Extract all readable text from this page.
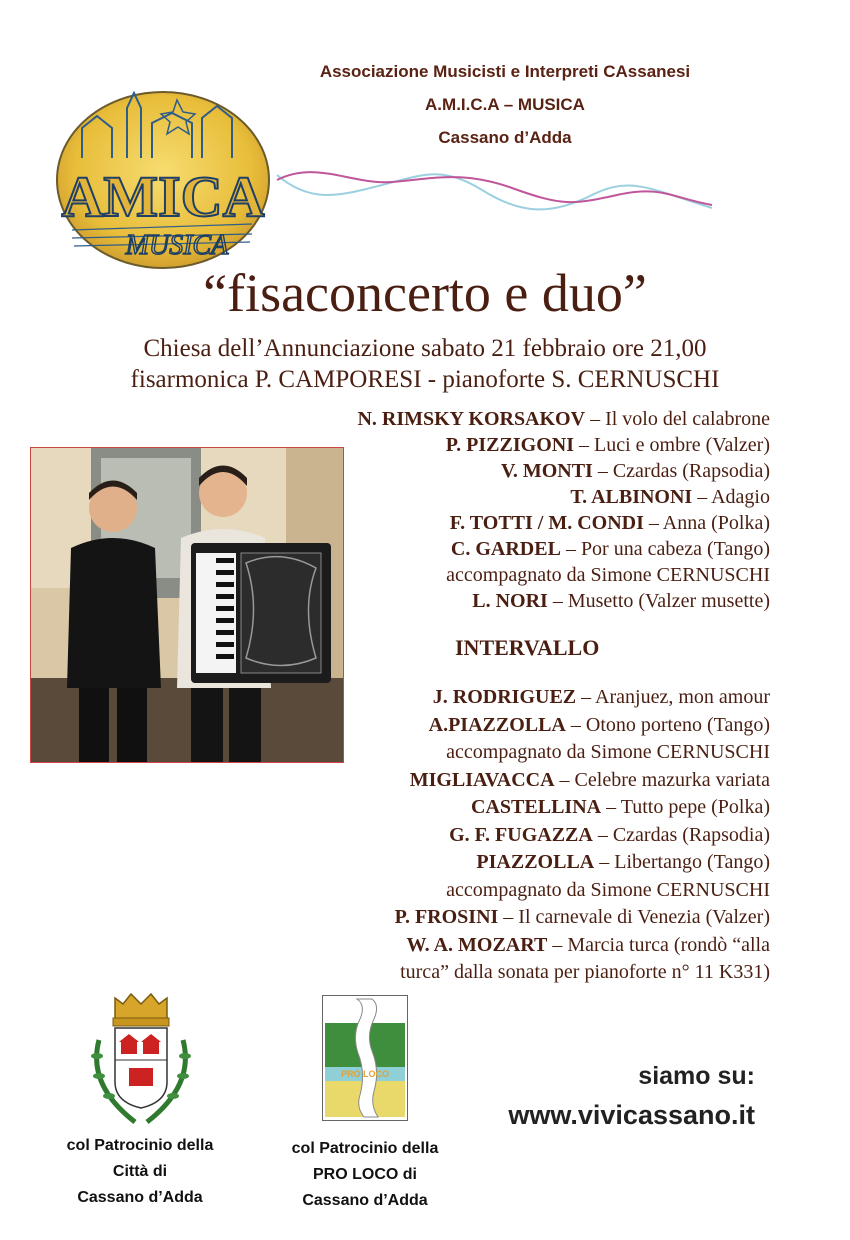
AMICA
MUSICA
Associazione Musicisti e Interpreti CAssanesi
A.M.I.C.A – MUSICA
Cassano d’Adda
“fisaconcerto e duo”
Chiesa dell’Annunciazione sabato 21 febbraio ore 21,00
fisarmonica P. CAMPORESI - pianoforte S. CERNUSCHI
N. RIMSKY KORSAKOV – Il volo del calabrone
P. PIZZIGONI – Luci e ombre (Valzer)
V. MONTI – Czardas (Rapsodia)
T. ALBINONI – Adagio
F. TOTTI / M. CONDI – Anna (Polka)
C. GARDEL – Por una cabeza (Tango)
accompagnato da Simone CERNUSCHI
L. NORI – Musetto (Valzer musette)
INTERVALLO
J. RODRIGUEZ – Aranjuez, mon amour
A.PIAZZOLLA – Otono porteno (Tango)
accompagnato da Simone CERNUSCHI
MIGLIAVACCA – Celebre mazurka variata
CASTELLINA – Tutto pepe (Polka)
G. F. FUGAZZA – Czardas (Rapsodia)
PIAZZOLLA – Libertango (Tango)
accompagnato da Simone CERNUSCHI
P. FROSINI – Il carnevale di Venezia (Valzer)
W. A. MOZART – Marcia turca (rondò “alla
turca” dalla sonata per pianoforte n° 11 K331)
PRO LOCO
col Patrocinio della
Città di
Cassano d’Adda
col Patrocinio della
PRO LOCO di
Cassano d’Adda
siamo su:
www.vivicassano.it
